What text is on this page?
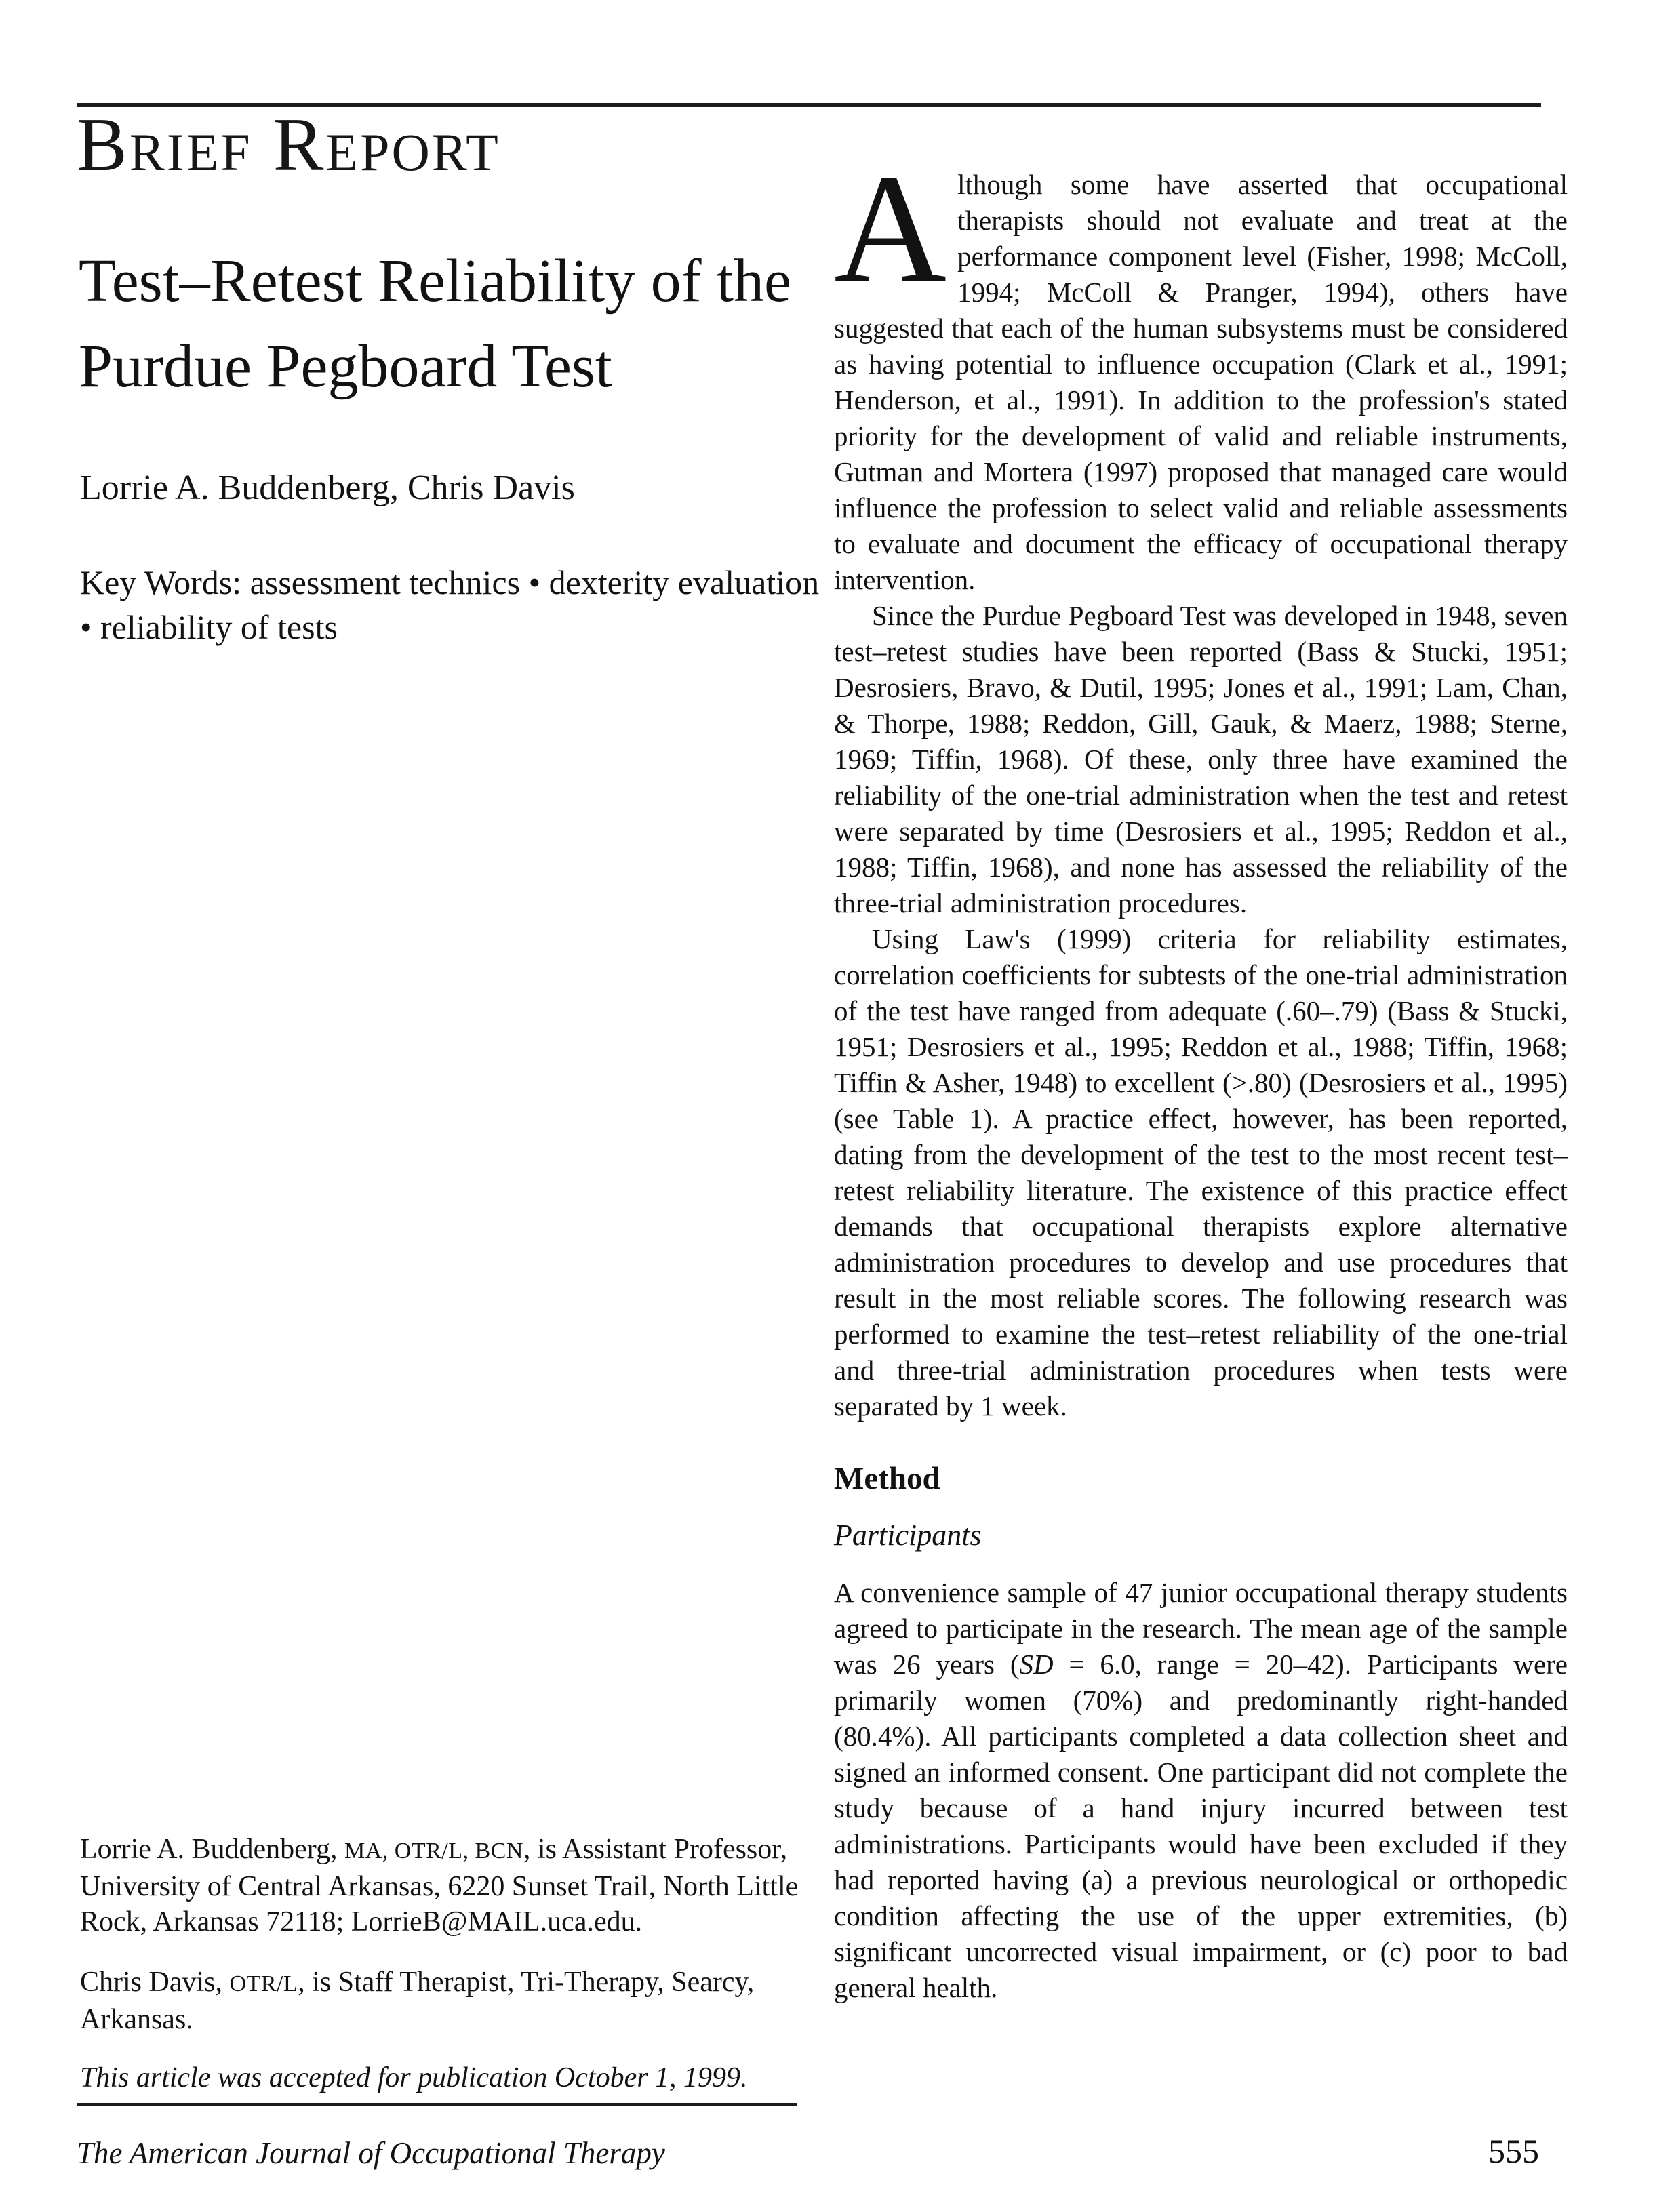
Brief Report
Test–Retest Reliability of the Purdue Pegboard Test
Lorrie A. Buddenberg, Chris Davis
Key Words: assessment technics • dexterity evaluation • reliability of tests

Although some have asserted that occupational therapists should not evaluate and treat at the performance component level (Fisher, 1998; McColl, 1994; McColl & Pranger, 1994), others have suggested that each of the human subsystems must be considered as having potential to influence occupation (Clark et al., 1991; Henderson, et al., 1991). In addition to the profession's stated priority for the development of valid and reliable instruments, Gutman and Mortera (1997) proposed that managed care would influence the profession to select valid and reliable assessments to evaluate and document the efficacy of occupational therapy intervention.

Since the Purdue Pegboard Test was developed in 1948, seven test–retest studies have been reported (Bass & Stucki, 1951; Desrosiers, Bravo, & Dutil, 1995; Jones et al., 1991; Lam, Chan, & Thorpe, 1988; Reddon, Gill, Gauk, & Maerz, 1988; Sterne, 1969; Tiffin, 1968). Of these, only three have examined the reliability of the one-trial administration when the test and retest were separated by time (Desrosiers et al., 1995; Reddon et al., 1988; Tiffin, 1968), and none has assessed the reliability of the three-trial administration procedures.

Using Law's (1999) criteria for reliability estimates, correlation coefficients for subtests of the one-trial administration of the test have ranged from adequate (.60–.79) (Bass & Stucki, 1951; Desrosiers et al., 1995; Reddon et al., 1988; Tiffin, 1968; Tiffin & Asher, 1948) to excellent (>.80) (Desrosiers et al., 1995) (see Table 1). A practice effect, however, has been reported, dating from the development of the test to the most recent test–retest reliability literature. The existence of this practice effect demands that occupational therapists explore alternative administration procedures to develop and use procedures that result in the most reliable scores. The following research was performed to examine the test–retest reliability of the one-trial and three-trial administration procedures when tests were separated by 1 week.

Method
Participants

A convenience sample of 47 junior occupational therapy students agreed to participate in the research. The mean age of the sample was 26 years (SD = 6.0, range = 20–42). Participants were primarily women (70%) and predominantly right-handed (80.4%). All participants completed a data collection sheet and signed an informed consent. One participant did not complete the study because of a hand injury incurred between test administrations. Participants would have been excluded if they had reported having (a) a previous neurological or orthopedic condition affecting the use of the upper extremities, (b) significant uncorrected visual impairment, or (c) poor to bad general health.

Lorrie A. Buddenberg, MA, OTR/L, BCN, is Assistant Professor, University of Central Arkansas, 6220 Sunset Trail, North Little Rock, Arkansas 72118; LorrieB@MAIL.uca.edu.
Chris Davis, OTR/L, is Staff Therapist, Tri-Therapy, Searcy, Arkansas.
This article was accepted for publication October 1, 1999.
The American Journal of Occupational Therapy	555
